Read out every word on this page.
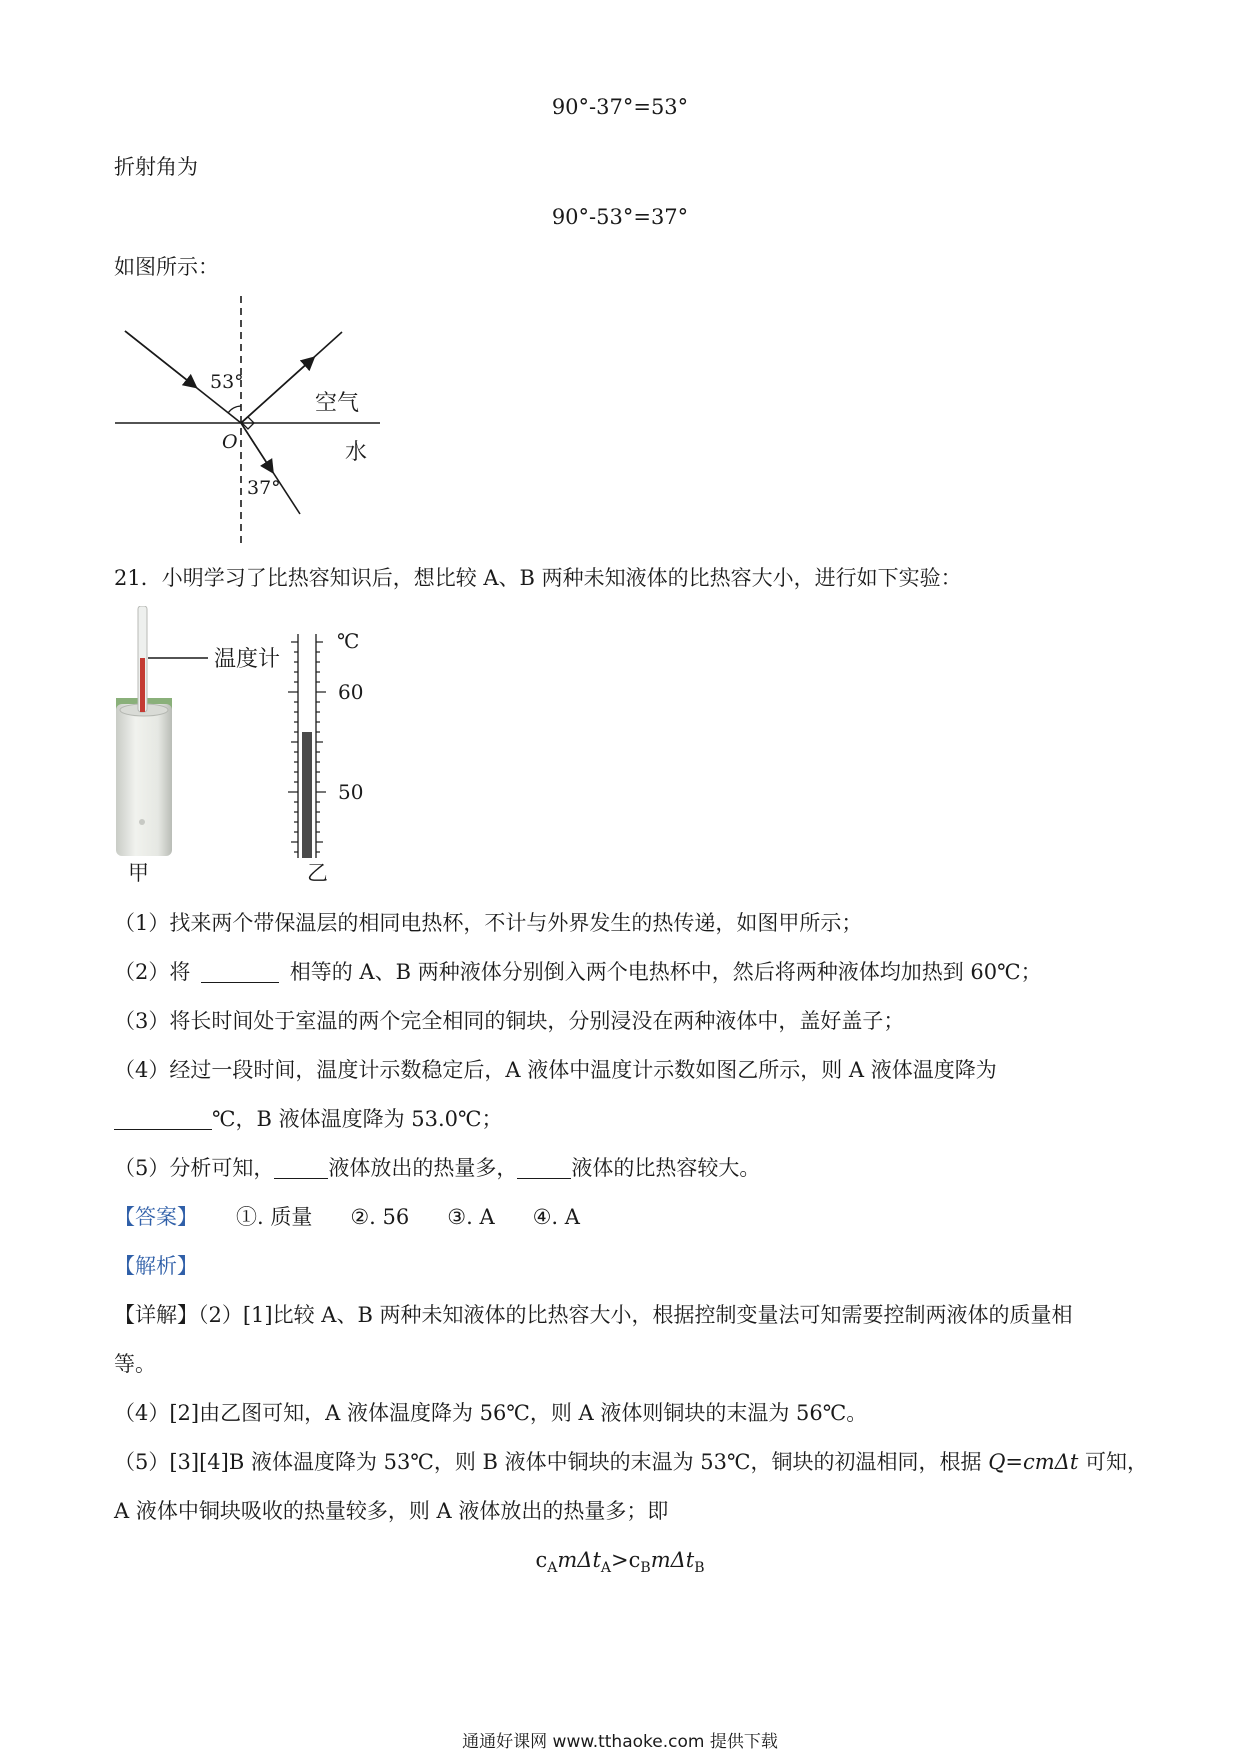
90°-37°=53°
折射角为
90°-53°=37°
如图所示：
53°
O
37°
空气
水
21．小明学习了比热容知识后，想比较 A、B 两种未知液体的比热容大小，进行如下实验：
温度计
甲
℃
60
50
乙
（1）找来两个带保温层的相同电热杯，不计与外界发生的热传递，如图甲所示；
（2）将	相等的 A、B 两种液体分别倒入两个电热杯中，然后将两种液体均加热到 60℃；
（3）将长时间处于室温的两个完全相同的铜块，分别浸没在两种液体中，盖好盖子；
（4）经过一段时间，温度计示数稳定后，A 液体中温度计示数如图乙所示，则 A 液体温度降为
℃，B 液体温度降为 53.0℃；
（5）分析可知，	液体放出的热量多，	液体的比热容较大。
【答案】 ①. 质量 ②. 56 ③. A ④. A
【解析】
【详解】（2）[1]比较 A、B 两种未知液体的比热容大小，根据控制变量法可知需要控制两液体的质量相
等。
（4）[2]由乙图可知，A 液体温度降为 56℃，则 A 液体则铜块的末温为 56℃。
（5）[3][4]B 液体温度降为 53℃，则 B 液体中铜块的末温为 53℃，铜块的初温相同，根据 Q=cmΔt 可知，
A 液体中铜块吸收的热量较多，则 A 液体放出的热量多；即
$c_Am\Delta t_A>c_Bm\Delta t_B$
通通好课网 www.tthaoke.com 提供下载
